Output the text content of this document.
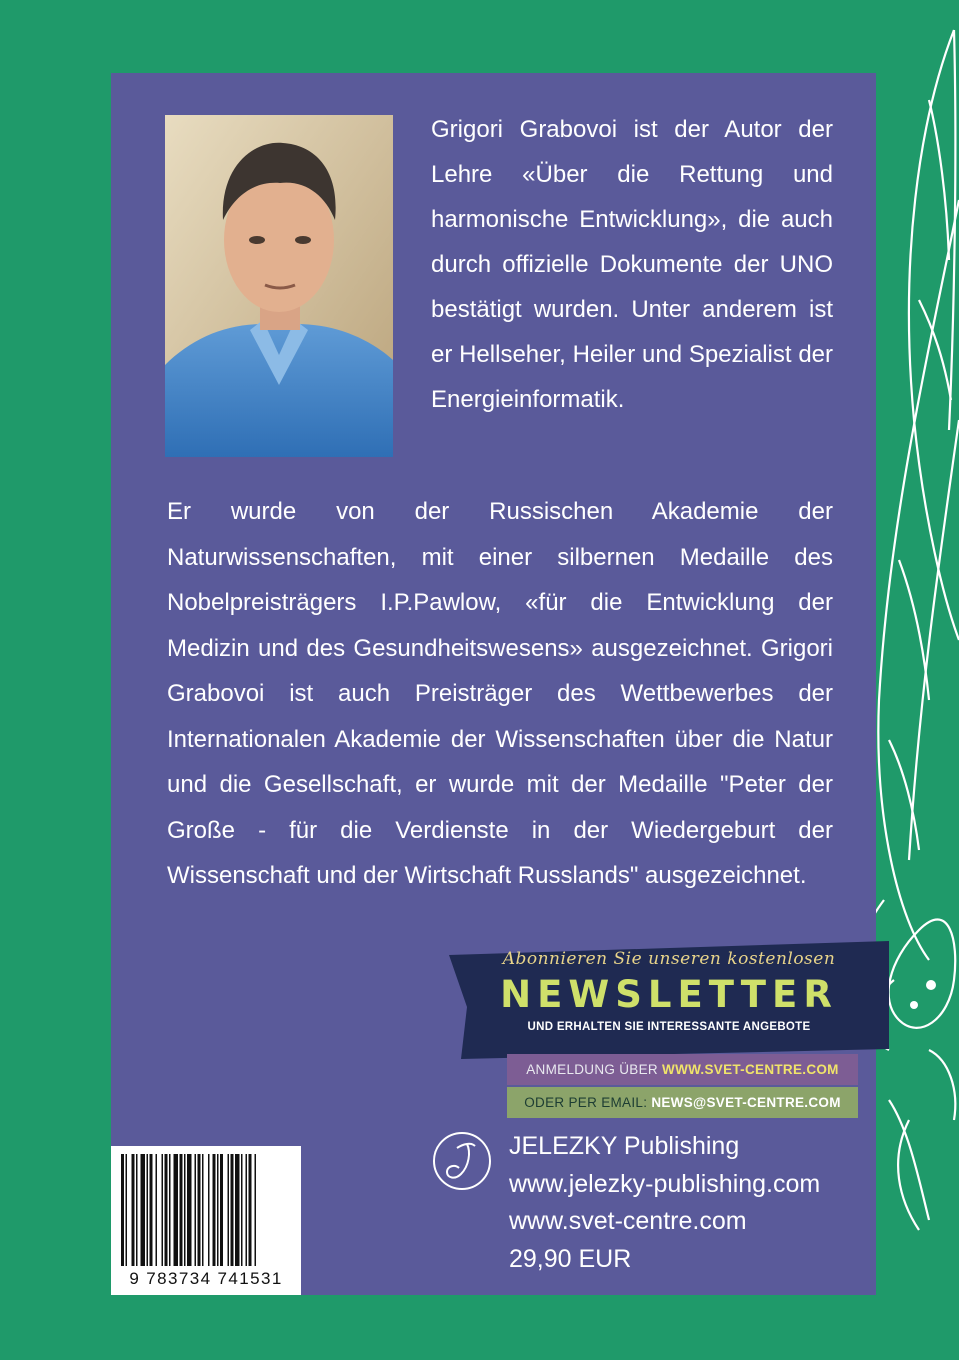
Grigori Grabovoi ist der Autor der Lehre «Über die Rettung und harmonische Entwicklung», die auch durch offizielle Dokumente der UNO bestätigt wurden. Unter anderem ist er Hellseher, Heiler und Spezialist der Energieinformatik.

Er wurde von der Russischen Akademie der Naturwissenschaften, mit einer silbernen Medaille des Nobelpreisträgers I.P.Pawlow, «für die Entwicklung der Medizin und des Gesundheitswesens» ausgezeichnet. Grigori Grabovoi ist auch Preisträger des Wettbewerbes der Internationalen Akademie der Wissenschaften über die Natur und die Gesellschaft, er wurde mit der Medaille "Peter der Große - für die Verdienste in der Wiedergeburt der Wissenschaft und der Wirtschaft Russlands" ausgezeichnet.

Abonnieren Sie unseren kostenlosen
NEWSLETTER
UND ERHALTEN SIE INTERESSANTE ANGEBOTE
ANMELDUNG ÜBER WWW.SVET-CENTRE.COM
ODER PER EMAIL: NEWS@SVET-CENTRE.COM
JELEZKY Publishing
www.jelezky-publishing.com
www.svet-centre.com
29,90 EUR
9 783734 741531
